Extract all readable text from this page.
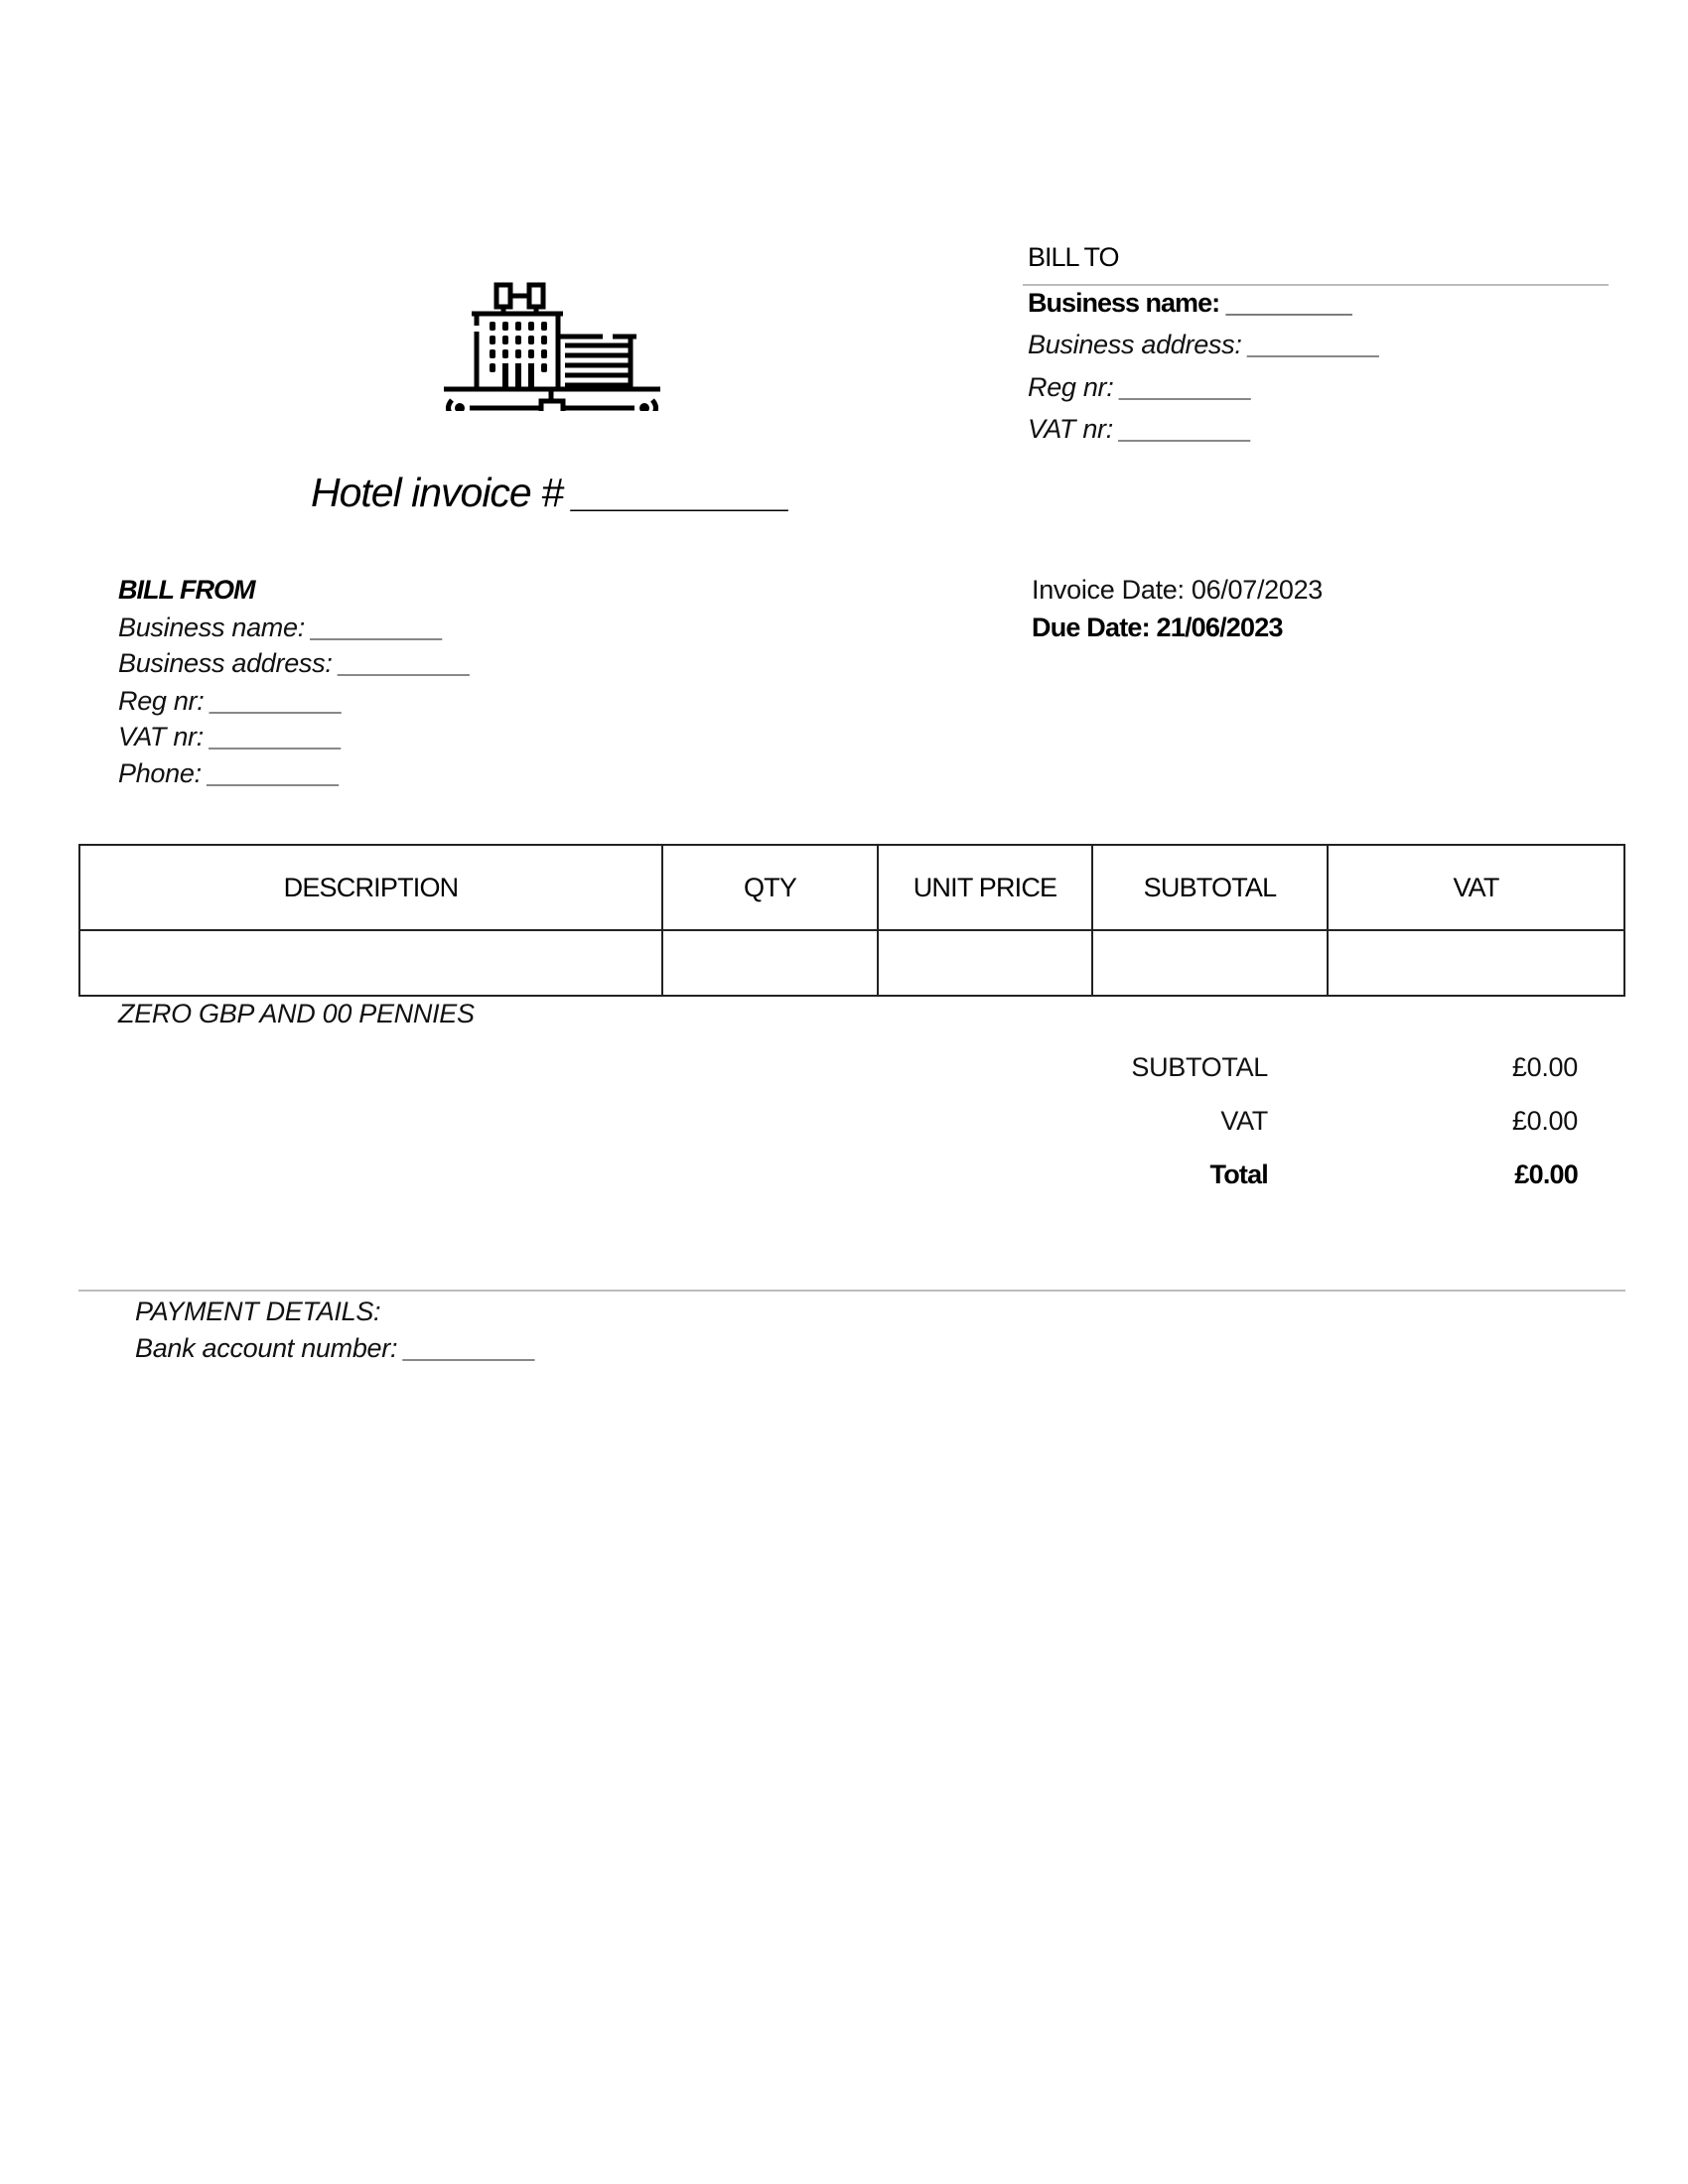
Hotel invoice # __________
BILL TO
Business name: _________
Business address: _________
Reg nr: _________
VAT nr: _________
BILL FROM
Business name: _________
Business address: _________
Reg nr: _________
VAT nr: _________
Phone: _________
Invoice Date: 06/07/2023
Due Date: 21/06/2023
DESCRIPTION	QTY	UNIT PRICE	SUBTOTAL	VAT

ZERO GBP AND 00 PENNIES
SUBTOTAL	£0.00
VAT	£0.00
Total	£0.00
PAYMENT DETAILS:
Bank account number: _________
